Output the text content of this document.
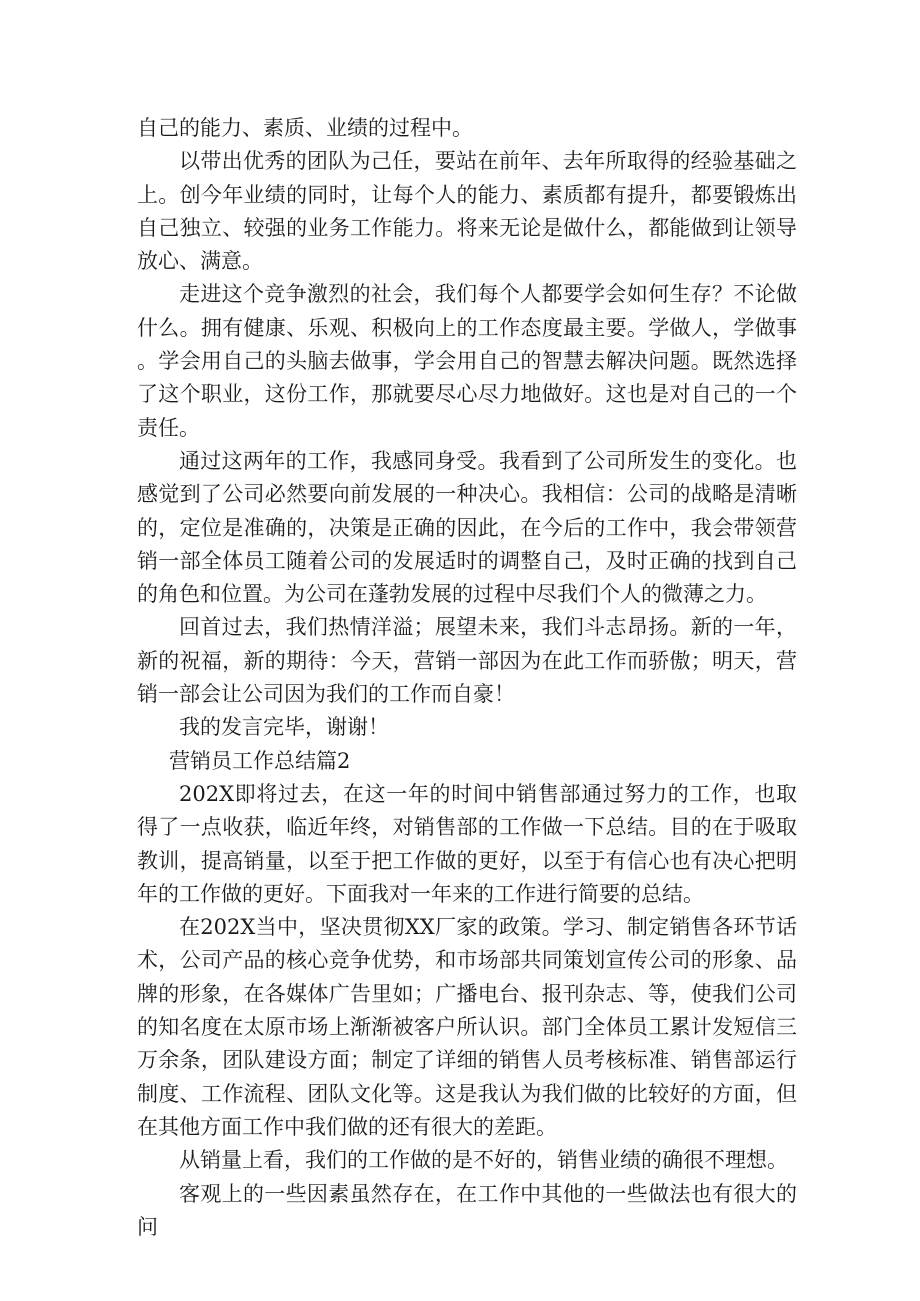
自己的能力、素质、业绩的过程中。

以带出优秀的团队为己任，要站在前年、去年所取得的经验基础之上。创今年业绩的同时，让每个人的能力、素质都有提升，都要锻炼出自己独立、较强的业务工作能力。将来无论是做什么，都能做到让领导放心、满意。

走进这个竞争激烈的社会，我们每个人都要学会如何生存？不论做什么。拥有健康、乐观、积极向上的工作态度最主要。学做人，学做事。学会用自己的头脑去做事，学会用自己的智慧去解决问题。既然选择了这个职业，这份工作，那就要尽心尽力地做好。这也是对自己的一个责任。

通过这两年的工作，我感同身受。我看到了公司所发生的变化。也感觉到了公司必然要向前发展的一种决心。我相信：公司的战略是清晰的，定位是准确的，决策是正确的因此，在今后的工作中，我会带领营销一部全体员工随着公司的发展适时的调整自己，及时正确的找到自己的角色和位置。为公司在蓬勃发展的过程中尽我们个人的微薄之力。

回首过去，我们热情洋溢；展望未来，我们斗志昂扬。新的一年，新的祝福，新的期待：今天，营销一部因为在此工作而骄傲；明天，营销一部会让公司因为我们的工作而自豪！

我的发言完毕，谢谢！

营销员工作总结篇2

202X即将过去，在这一年的时间中销售部通过努力的工作，也取得了一点收获，临近年终，对销售部的工作做一下总结。目的在于吸取教训，提高销量，以至于把工作做的更好，以至于有信心也有决心把明年的工作做的更好。下面我对一年来的工作进行简要的总结。

在202X当中，坚决贯彻XX厂家的政策。学习、制定销售各环节话术，公司产品的核心竞争优势，和市场部共同策划宣传公司的形象、品牌的形象，在各媒体广告里如；广播电台、报刊杂志、等，使我们公司的知名度在太原市场上渐渐被客户所认识。部门全体员工累计发短信三万余条，团队建设方面；制定了详细的销售人员考核标准、销售部运行制度、工作流程、团队文化等。这是我认为我们做的比较好的方面，但在其他方面工作中我们做的还有很大的差距。

从销量上看，我们的工作做的是不好的，销售业绩的确很不理想。

客观上的一些因素虽然存在，在工作中其他的一些做法也有很大的问
